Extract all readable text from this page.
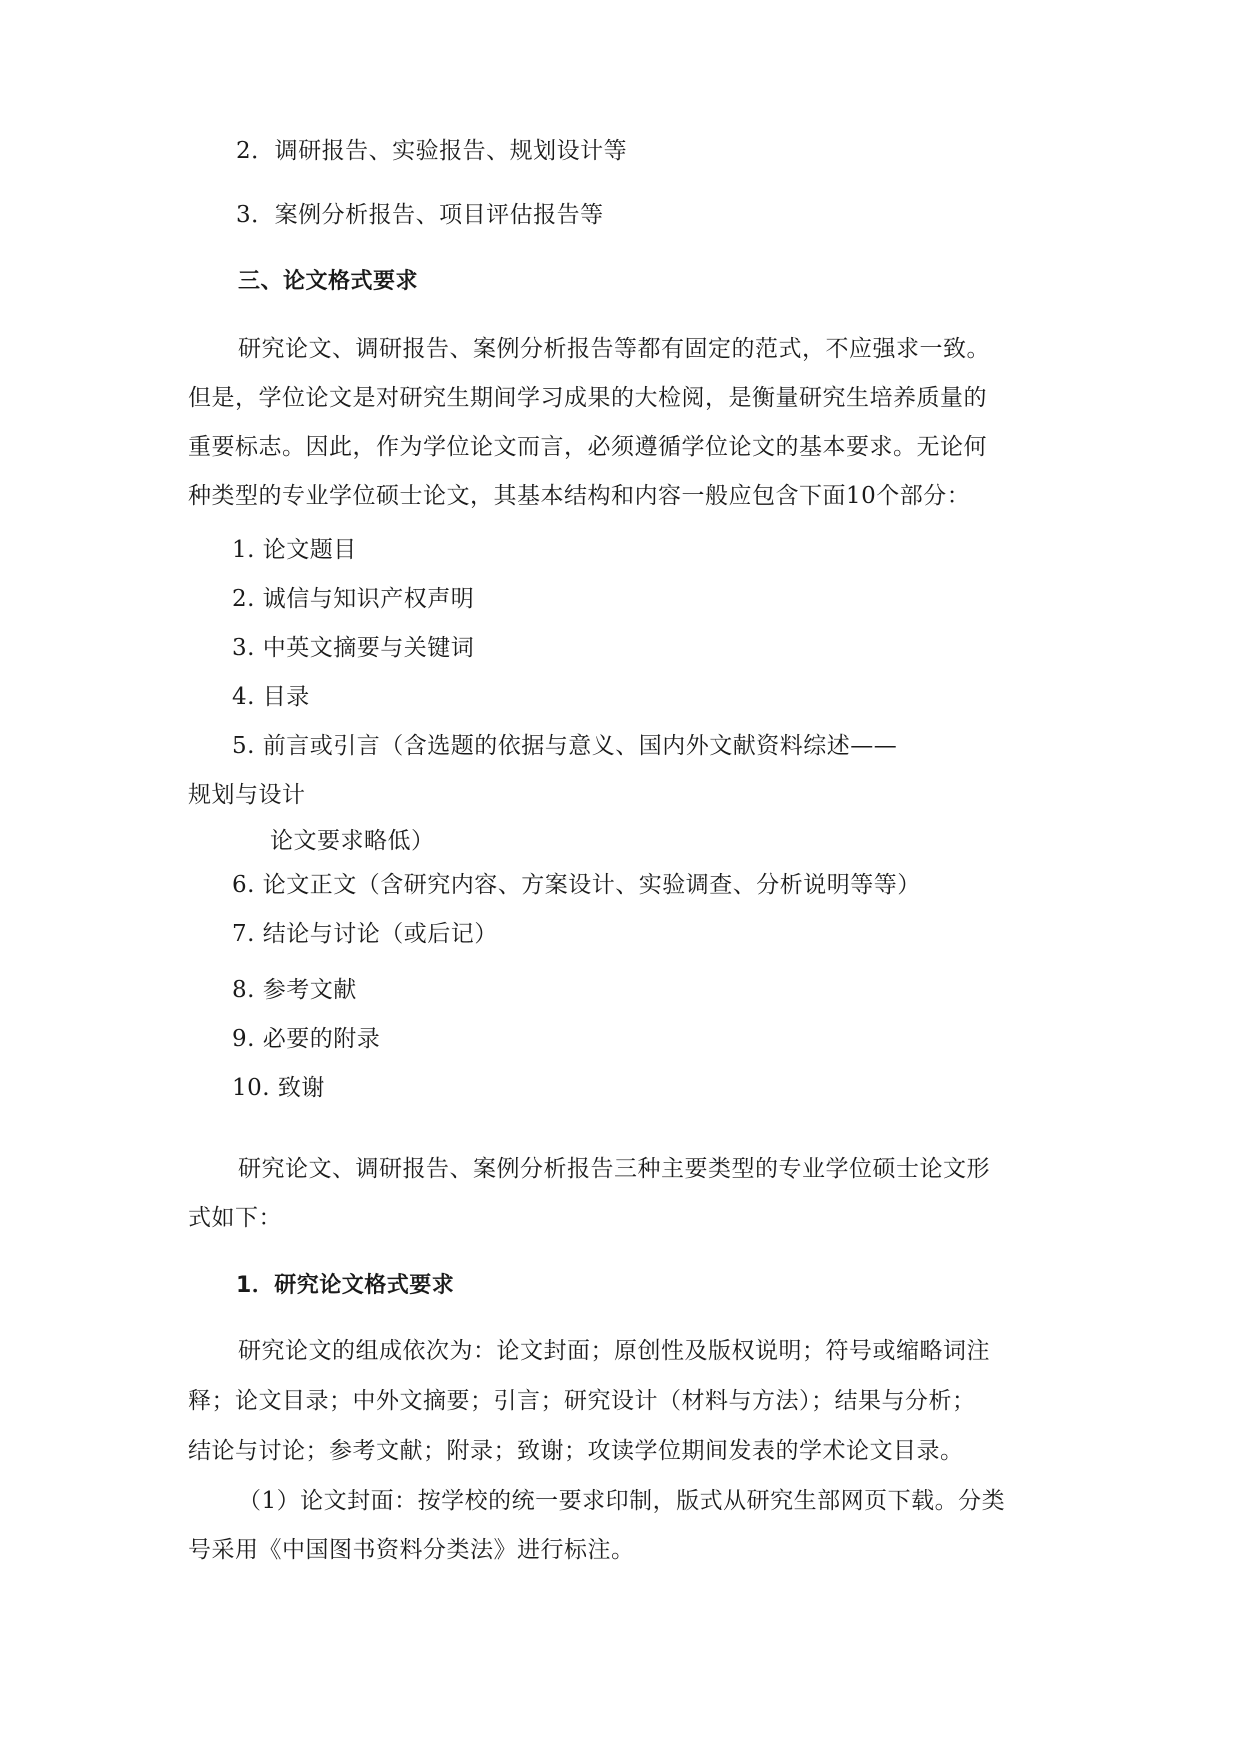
2．调研报告、实验报告、规划设计等
3．案例分析报告、项目评估报告等
三、论文格式要求
研究论文、调研报告、案例分析报告等都有固定的范式，不应强求一致。
但是，学位论文是对研究生期间学习成果的大检阅，是衡量研究生培养质量的
重要标志。因此，作为学位论文而言，必须遵循学位论文的基本要求。无论何
种类型的专业学位硕士论文，其基本结构和内容一般应包含下面10个部分：
1. 论文题目
2. 诚信与知识产权声明
3. 中英文摘要与关键词
4. 目录
5. 前言或引言（含选题的依据与意义、国内外文献资料综述——
规划与设计
论文要求略低）
6. 论文正文（含研究内容、方案设计、实验调查、分析说明等等）
7. 结论与讨论（或后记）
8. 参考文献
9. 必要的附录
10. 致谢
研究论文、调研报告、案例分析报告三种主要类型的专业学位硕士论文形
式如下：
1．研究论文格式要求
研究论文的组成依次为：论文封面；原创性及版权说明；符号或缩略词注
释；论文目录；中外文摘要；引言；研究设计（材料与方法）；结果与分析；
结论与讨论；参考文献；附录；致谢；攻读学位期间发表的学术论文目录。
（1）论文封面：按学校的统一要求印制，版式从研究生部网页下载。分类
号采用《中国图书资料分类法》进行标注。
